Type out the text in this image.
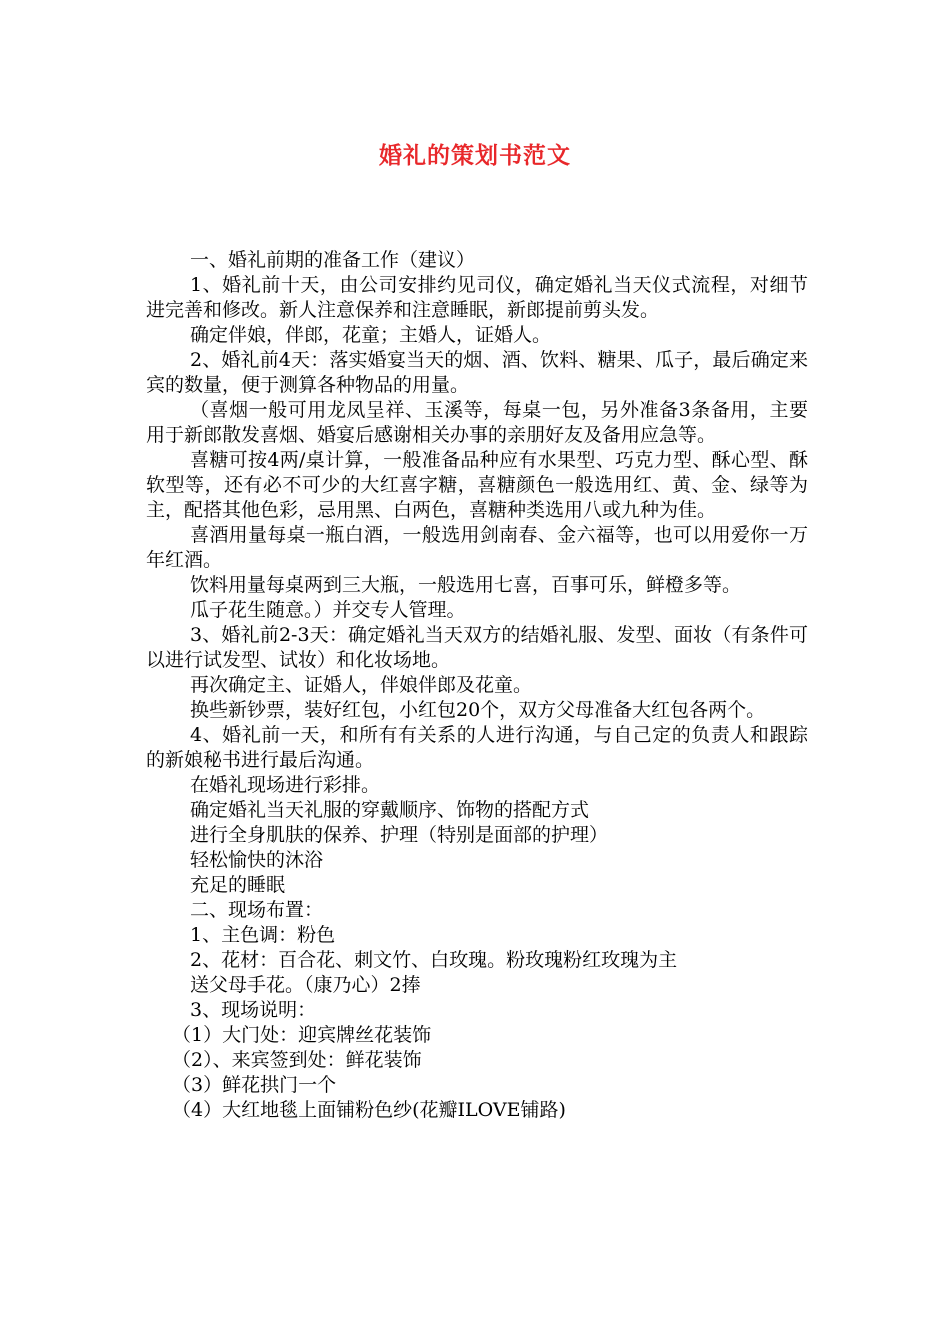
婚礼的策划书范文

一、婚礼前期的准备工作（建议）

1、婚礼前十天，由公司安排约见司仪，确定婚礼当天仪式流程，对细节进完善和修改。新人注意保养和注意睡眠，新郎提前剪头发。

确定伴娘，伴郎，花童；主婚人，证婚人。

2、婚礼前4天：落实婚宴当天的烟、酒、饮料、糖果、瓜子，最后确定来宾的数量，便于测算各种物品的用量。

（喜烟一般可用龙凤呈祥、玉溪等，每桌一包，另外准备3条备用，主要用于新郎散发喜烟、婚宴后感谢相关办事的亲朋好友及备用应急等。

喜糖可按4两/桌计算，一般准备品种应有水果型、巧克力型、酥心型、酥软型等，还有必不可少的大红喜字糖，喜糖颜色一般选用红、黄、金、绿等为主，配搭其他色彩，忌用黑、白两色，喜糖种类选用八或九种为佳。

喜酒用量每桌一瓶白酒，一般选用剑南春、金六福等，也可以用爱你一万年红酒。

饮料用量每桌两到三大瓶，一般选用七喜，百事可乐，鲜橙多等。

瓜子花生随意。）并交专人管理。

3、婚礼前2-3天：确定婚礼当天双方的结婚礼服、发型、面妆（有条件可以进行试发型、试妆）和化妆场地。

再次确定主、证婚人，伴娘伴郎及花童。

换些新钞票，装好红包，小红包20个，双方父母准备大红包各两个。

4、婚礼前一天，和所有有关系的人进行沟通，与自己定的负责人和跟踪的新娘秘书进行最后沟通。

在婚礼现场进行彩排。

确定婚礼当天礼服的穿戴顺序、饰物的搭配方式

进行全身肌肤的保养、护理（特别是面部的护理）

轻松愉快的沐浴

充足的睡眠

二、现场布置：

1、主色调：粉色

2、花材：百合花、刺文竹、白玫瑰。粉玫瑰粉红玫瑰为主

送父母手花。（康乃心）2捧

3、现场说明：

（1）大门处：迎宾牌丝花装饰

（2）、来宾签到处：鲜花装饰

（3）鲜花拱门一个

（4）大红地毯上面铺粉色纱(花瓣ILOVE铺路)
